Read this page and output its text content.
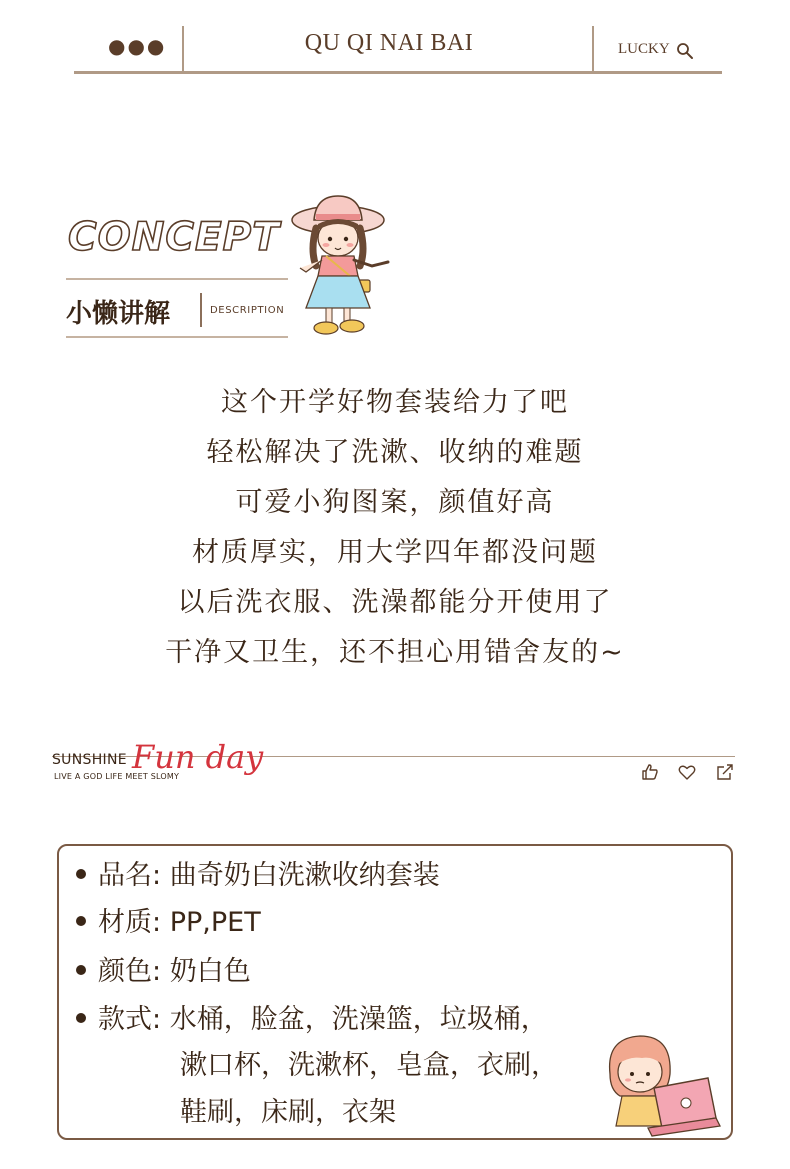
●●●	QU QI NAI BAI	LUCKY
CONCEPT
小懒讲解	DESCRIPTION
这个开学好物套装给力了吧
轻松解决了洗漱、收纳的难题
可爱小狗图案，颜值好高
材质厚实，用大学四年都没问题
以后洗衣服、洗澡都能分开使用了
干净又卫生，还不担心用错舍友的~
SUNSHINE
LIVE A GOD LIFE MEET SLOMY
Fun day
品名: 曲奇奶白洗漱收纳套装
材质: PP,PET
颜色: 奶白色
款式: 水桶，脸盆，洗澡篮，垃圾桶，
漱口杯，洗漱杯，皂盒，衣刷，
鞋刷，床刷，衣架
